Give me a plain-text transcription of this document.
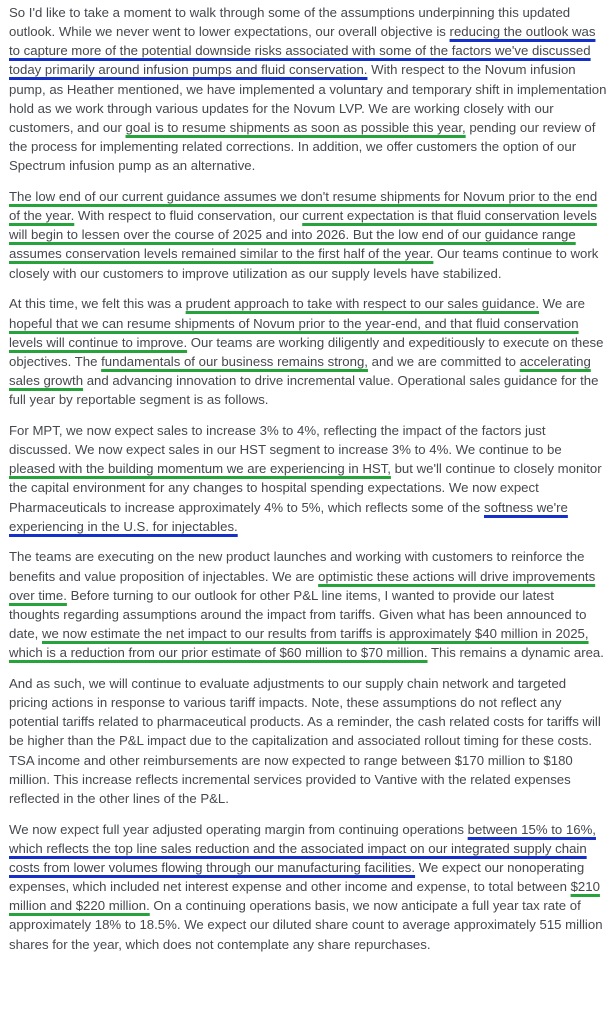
So I'd like to take a moment to walk through some of the assumptions underpinning this updated outlook. While we never went to lower expectations, our overall objective is reducing the outlook was to capture more of the potential downside risks associated with some of the factors we've discussed today primarily around infusion pumps and fluid conservation. With respect to the Novum infusion pump, as Heather mentioned, we have implemented a voluntary and temporary shift in implementation hold as we work through various updates for the Novum LVP. We are working closely with our customers, and our goal is to resume shipments as soon as possible this year, pending our review of the process for implementing related corrections. In addition, we offer customers the option of our Spectrum infusion pump as an alternative.

The low end of our current guidance assumes we don't resume shipments for Novum prior to the end of the year. With respect to fluid conservation, our current expectation is that fluid conservation levels will begin to lessen over the course of 2025 and into 2026. But the low end of our guidance range assumes conservation levels remained similar to the first half of the year. Our teams continue to work closely with our customers to improve utilization as our supply levels have stabilized.

At this time, we felt this was a prudent approach to take with respect to our sales guidance. We are hopeful that we can resume shipments of Novum prior to the year-end, and that fluid conservation levels will continue to improve. Our teams are working diligently and expeditiously to execute on these objectives. The fundamentals of our business remains strong, and we are committed to accelerating sales growth and advancing innovation to drive incremental value. Operational sales guidance for the full year by reportable segment is as follows.

For MPT, we now expect sales to increase 3% to 4%, reflecting the impact of the factors just discussed. We now expect sales in our HST segment to increase 3% to 4%. We continue to be pleased with the building momentum we are experiencing in HST, but we'll continue to closely monitor the capital environment for any changes to hospital spending expectations. We now expect Pharmaceuticals to increase approximately 4% to 5%, which reflects some of the softness we're experiencing in the U.S. for injectables.

The teams are executing on the new product launches and working with customers to reinforce the benefits and value proposition of injectables. We are optimistic these actions will drive improvements over time. Before turning to our outlook for other P&L line items, I wanted to provide our latest thoughts regarding assumptions around the impact from tariffs. Given what has been announced to date, we now estimate the net impact to our results from tariffs is approximately $40 million in 2025, which is a reduction from our prior estimate of $60 million to $70 million. This remains a dynamic area.

And as such, we will continue to evaluate adjustments to our supply chain network and targeted pricing actions in response to various tariff impacts. Note, these assumptions do not reflect any potential tariffs related to pharmaceutical products. As a reminder, the cash related costs for tariffs will be higher than the P&L impact due to the capitalization and associated rollout timing for these costs. TSA income and other reimbursements are now expected to range between $170 million to $180 million. This increase reflects incremental services provided to Vantive with the related expenses reflected in the other lines of the P&L.

We now expect full year adjusted operating margin from continuing operations between 15% to 16%, which reflects the top line sales reduction and the associated impact on our integrated supply chain costs from lower volumes flowing through our manufacturing facilities. We expect our nonoperating expenses, which included net interest expense and other income and expense, to total between $210 million and $220 million. On a continuing operations basis, we now anticipate a full year tax rate of approximately 18% to 18.5%. We expect our diluted share count to average approximately 515 million shares for the year, which does not contemplate any share repurchases.
